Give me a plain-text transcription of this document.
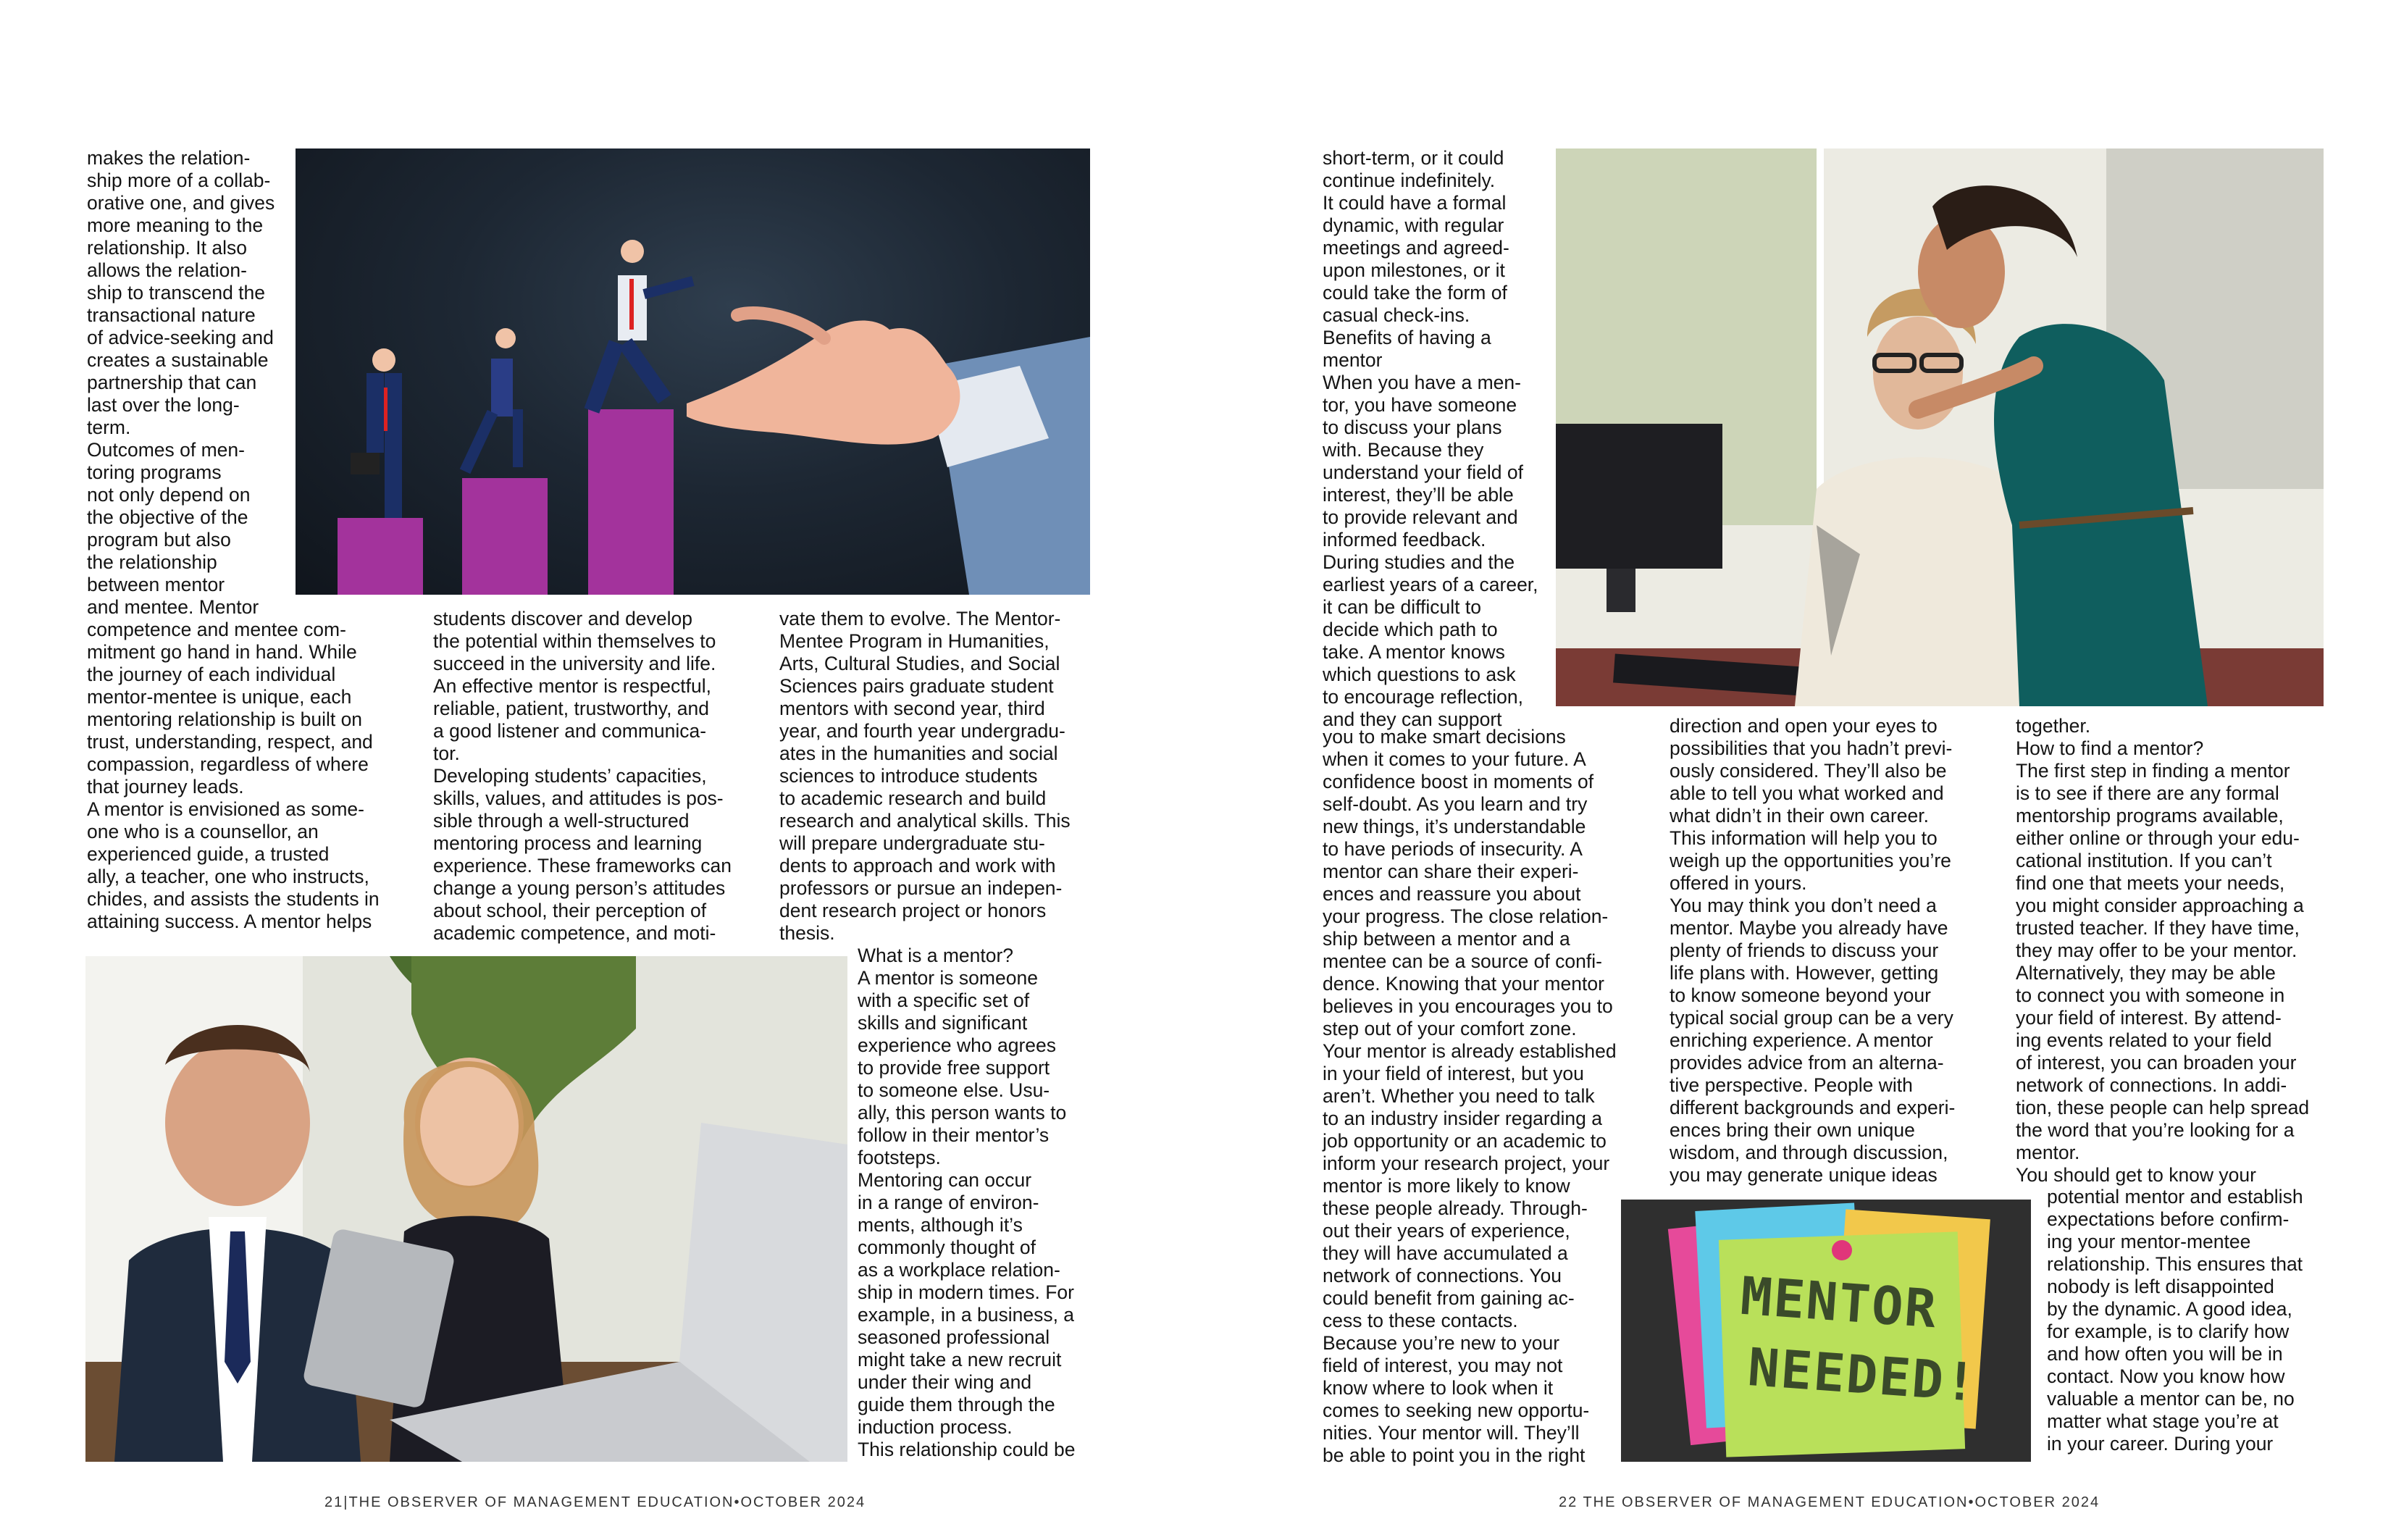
makes the relation-
ship more of a collab-
orative one, and gives
more meaning to the
relationship. It also
allows the relation-
ship to transcend the
transactional nature
of advice-seeking and
creates a sustainable
partnership that can
last over the long-
term.
Outcomes of men-
toring programs
not only depend on
the objective of the
program but also
the relationship
between mentor
and mentee. Mentor
competence and mentee com-
mitment go hand in hand. While
the journey of each individual
mentor-mentee is unique, each
mentoring relationship is built on
trust, understanding, respect, and
compassion, regardless of where
that journey leads.
A mentor is envisioned as some-
one who is a counsellor, an
experienced guide, a trusted
ally, a teacher, one who instructs,
chides, and assists the students in
attaining success. A mentor helps
students discover and develop
the potential within themselves to
succeed in the university and life.
An effective mentor is respectful,
reliable, patient, trustworthy, and
a good listener and communica-
tor.
Developing students’ capacities,
skills, values, and attitudes is pos-
sible through a well-structured
mentoring process and learning
experience. These frameworks can
change a young person’s attitudes
about school, their perception of
academic competence, and moti-
vate them to evolve. The Mentor-
Mentee Program in Humanities,
Arts, Cultural Studies, and Social
Sciences pairs graduate student
mentors with second year, third
year, and fourth year undergradu-
ates in the humanities and social
sciences to introduce students
to academic research and build
research and analytical skills. This
will prepare undergraduate stu-
dents to approach and work with
professors or pursue an indepen-
dent research project or honors
thesis.
What is a mentor?
A mentor is someone
with a specific set of
skills and significant
experience who agrees
to provide free support
to someone else. Usu-
ally, this person wants to
follow in their mentor’s
footsteps.
Mentoring can occur
in a range of environ-
ments, although it’s
commonly thought of
as a workplace relation-
ship in modern times. For
example, in a business, a
seasoned professional
might take a new recruit
under their wing and
guide them through the
induction process.
This relationship could be
21|THE OBSERVER OF MANAGEMENT EDUCATION•OCTOBER 2024
short-term, or it could
continue indefinitely.
It could have a formal
dynamic, with regular
meetings and agreed-
upon milestones, or it
could take the form of
casual check-ins.
Benefits of having a
mentor
When you have a men-
tor, you have someone
to discuss your plans
with. Because they
understand your field of
interest, they’ll be able
to provide relevant and
informed feedback.
During studies and the
earliest years of a career,
it can be difficult to
decide which path to
take. A mentor knows
which questions to ask
to encourage reflection,
and they can support
you to make smart decisions
when it comes to your future. A
confidence boost in moments of
self-doubt. As you learn and try
new things, it’s understandable
to have periods of insecurity. A
mentor can share their experi-
ences and reassure you about
your progress. The close relation-
ship between a mentor and a
mentee can be a source of confi-
dence. Knowing that your mentor
believes in you encourages you to
step out of your comfort zone.
Your mentor is already established
in your field of interest, but you
aren’t. Whether you need to talk
to an industry insider regarding a
job opportunity or an academic to
inform your research project, your
mentor is more likely to know
these people already. Through-
out their years of experience,
they will have accumulated a
network of connections. You
could benefit from gaining ac-
cess to these contacts.
Because you’re new to your
field of interest, you may not
know where to look when it
comes to seeking new opportu-
nities. Your mentor will. They’ll
be able to point you in the right
direction and open your eyes to
possibilities that you hadn’t previ-
ously considered. They’ll also be
able to tell you what worked and
what didn’t in their own career.
This information will help you to
weigh up the opportunities you’re
offered in yours.
You may think you don’t need a
mentor. Maybe you already have
plenty of friends to discuss your
life plans with. However, getting
to know someone beyond your
typical social group can be a very
enriching experience. A mentor
provides advice from an alterna-
tive perspective. People with
different backgrounds and experi-
ences bring their own unique
wisdom, and through discussion,
you may generate unique ideas
together.
How to find a mentor?
The first step in finding a mentor
is to see if there are any formal
mentorship programs available,
either online or through your edu-
cational institution. If you can’t
find one that meets your needs,
you might consider approaching a
trusted teacher. If they have time,
they may offer to be your mentor.
Alternatively, they may be able
to connect you with someone in
your field of interest. By attend-
ing events related to your field
of interest, you can broaden your
network of connections. In addi-
tion, these people can help spread
the word that you’re looking for a
mentor.
You should get to know your
MENTOR
NEEDED!
potential mentor and establish
expectations before confirm-
ing your mentor-mentee
relationship. This ensures that
nobody is left disappointed
by the dynamic. A good idea,
for example, is to clarify how
and how often you will be in
contact. Now you know how
valuable a mentor can be, no
matter what stage you’re at
in your career. During your
22 THE OBSERVER OF MANAGEMENT EDUCATION•OCTOBER 2024
